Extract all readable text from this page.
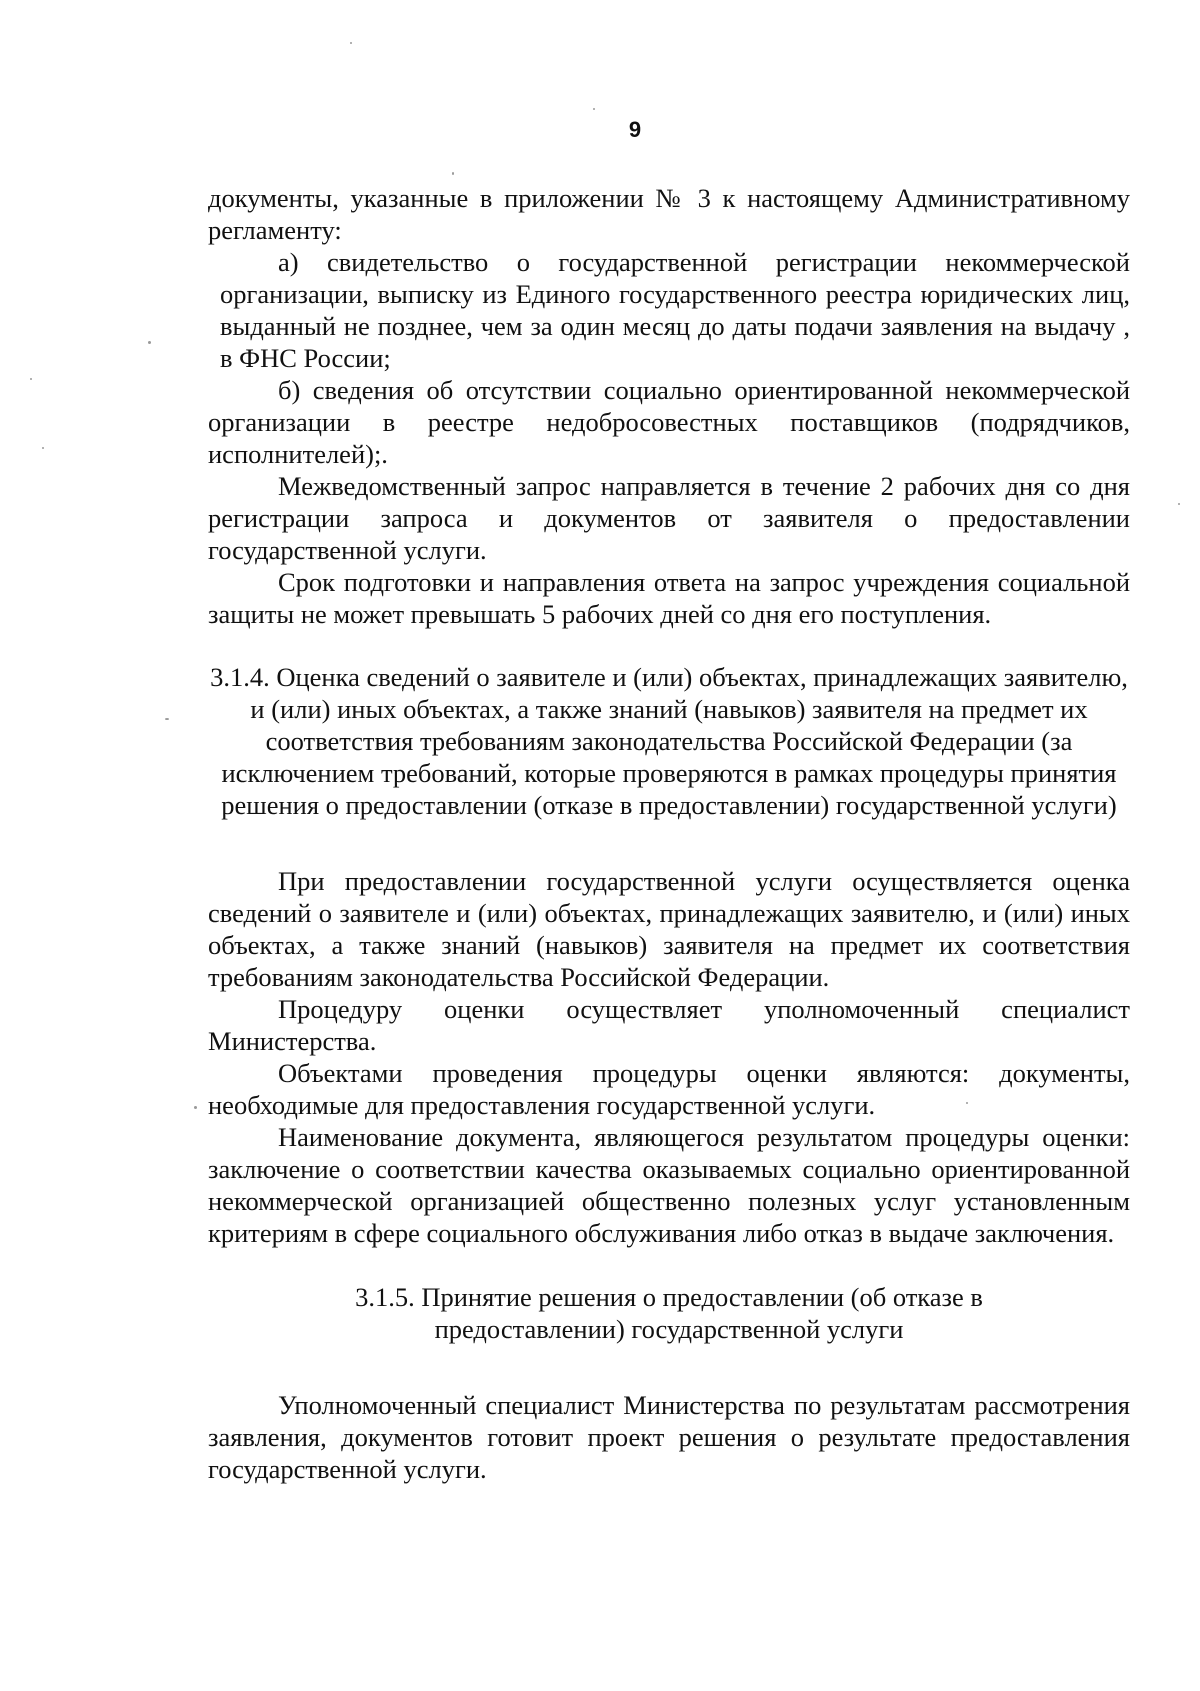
9

документы, указанные в приложении № 3 к настоящему Административному регламенту:

а) свидетельство о государственной регистрации некоммерческой организации, выписку из Единого государственного реестра юридических лиц, выданный не позднее, чем за один месяц до даты подачи заявления на выдачу , в ФНС России;

б) сведения об отсутствии социально ориентированной некоммерческой организации в реестре недобросовестных поставщиков (подрядчиков, исполнителей);.

Межведомственный запрос направляется в течение 2 рабочих дня со дня регистрации запроса и документов от заявителя о предоставлении государственной услуги.

Срок подготовки и направления ответа на запрос учреждения социальной защиты не может превышать 5 рабочих дней со дня его поступления.

3.1.4. Оценка сведений о заявителе и (или) объектах, принадлежащих заявителю, и (или) иных объектах, а также знаний (навыков) заявителя на предмет их соответствия требованиям законодательства Российской Федерации (за исключением требований, которые проверяются в рамках процедуры принятия решения о предоставлении (отказе в предоставлении) государственной услуги)

При предоставлении государственной услуги осуществляется оценка сведений о заявителе и (или) объектах, принадлежащих заявителю, и (или) иных объектах, а также знаний (навыков) заявителя на предмет их соответствия требованиям законодательства Российской Федерации.

Процедуру оценки осуществляет уполномоченный специалист Министерства.

Объектами проведения процедуры оценки являются: документы, необходимые для предоставления государственной услуги.

Наименование документа, являющегося результатом процедуры оценки: заключение о соответствии качества оказываемых социально ориентированной некоммерческой организацией общественно полезных услуг установленным критериям в сфере социального обслуживания либо отказ в выдаче заключения.

3.1.5. Принятие решения о предоставлении (об отказе в предоставлении) государственной услуги

Уполномоченный специалист Министерства по результатам рассмотрения заявления, документов готовит проект решения о результате предоставления государственной услуги.
